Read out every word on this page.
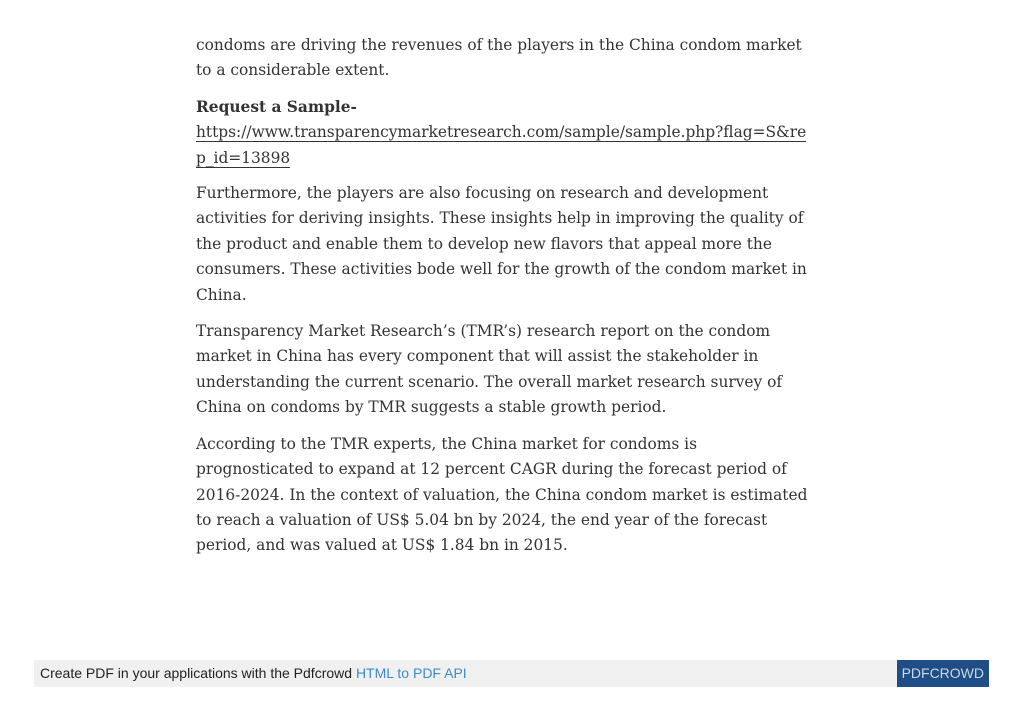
condoms are driving the revenues of the players in the China condom market to a considerable extent.

Request a Sample-
https://www.transparencymarketresearch.com/sample/sample.php?flag=S&rep_id=13898

Furthermore, the players are also focusing on research and development activities for deriving insights. These insights help in improving the quality of the product and enable them to develop new flavors that appeal more the consumers. These activities bode well for the growth of the condom market in China.

Transparency Market Research’s (TMR’s) research report on the condom market in China has every component that will assist the stakeholder in understanding the current scenario. The overall market research survey of China on condoms by TMR suggests a stable growth period.

According to the TMR experts, the China market for condoms is prognosticated to expand at 12 percent CAGR during the forecast period of 2016-2024. In the context of valuation, the China condom market is estimated to reach a valuation of US$ 5.04 bn by 2024, the end year of the forecast period, and was valued at US$ 1.84 bn in 2015.

Create PDF in your applications with the Pdfcrowd HTML to PDF API	PDFCROWD
